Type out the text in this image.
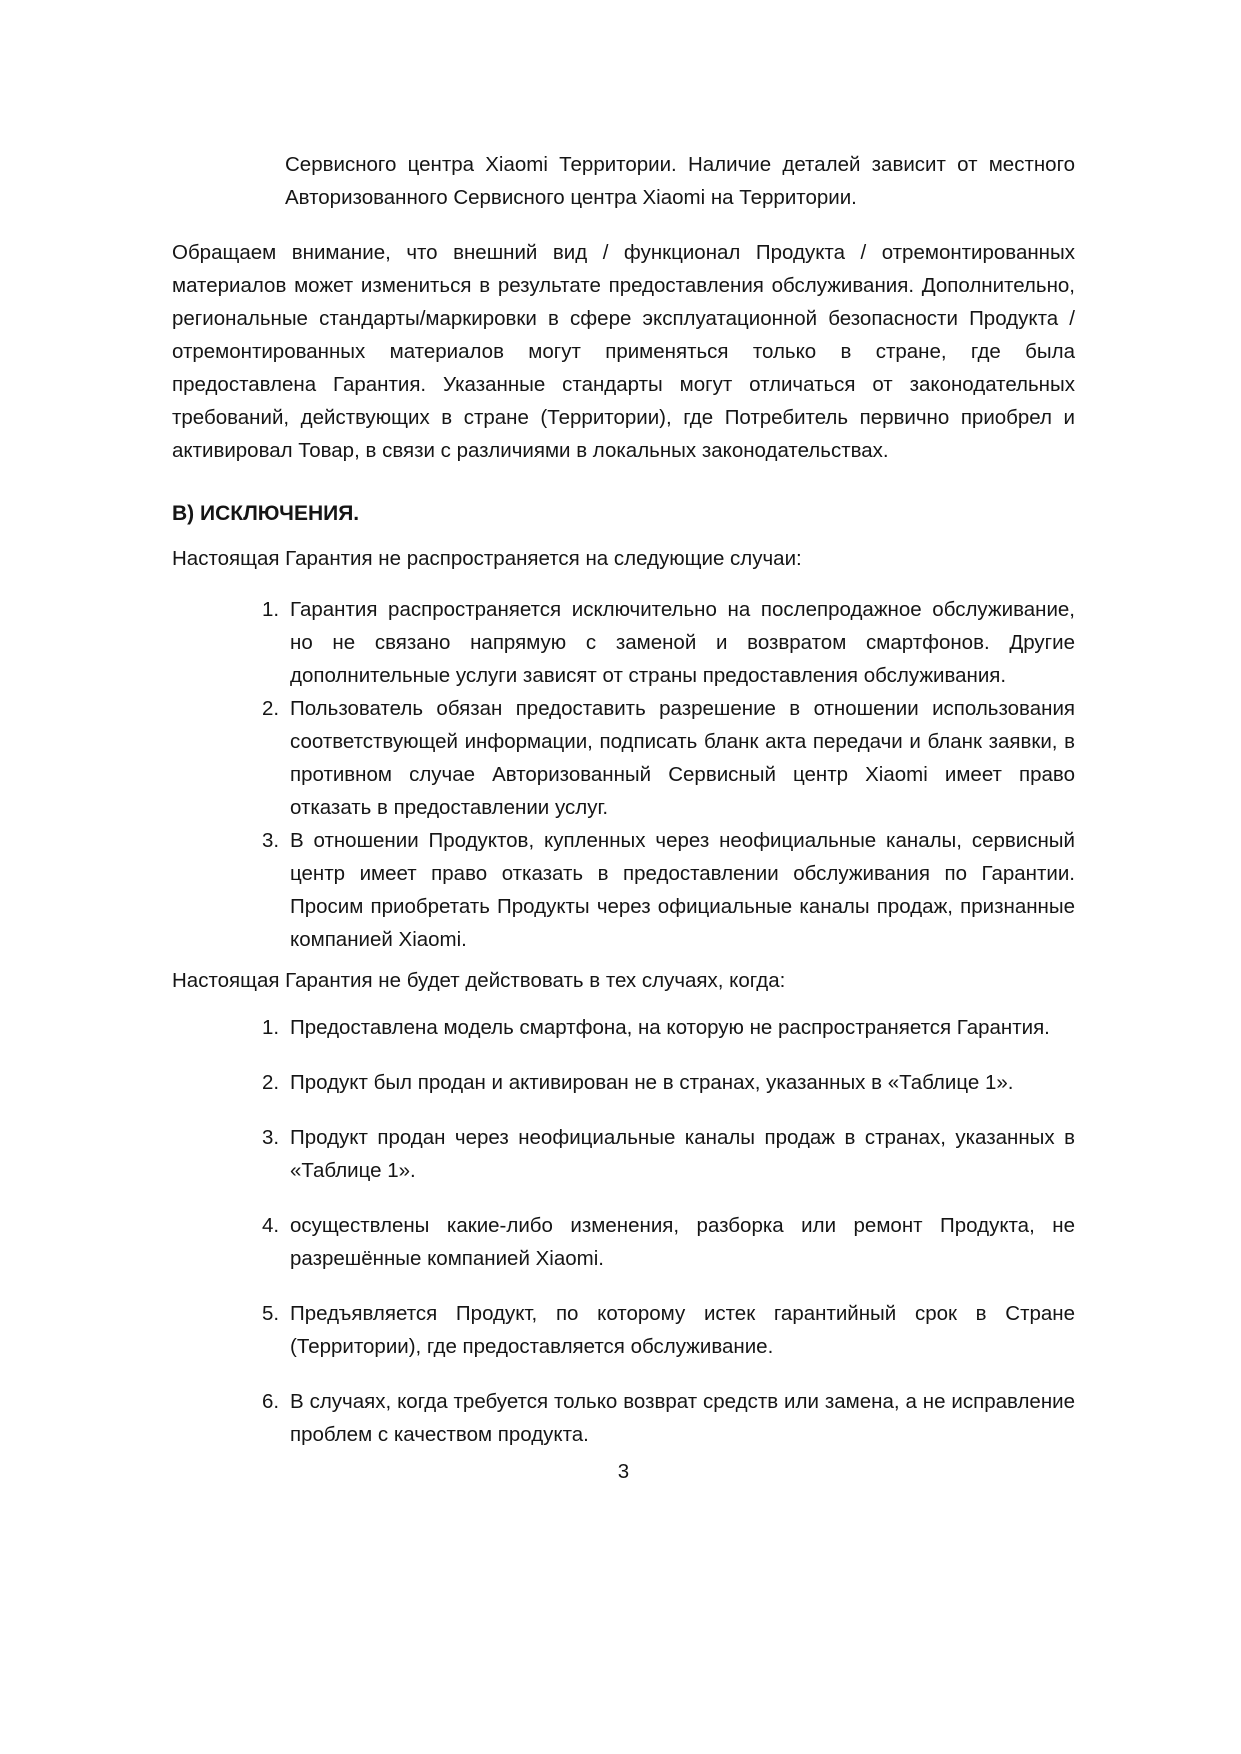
Сервисного центра Xiaomi Территории. Наличие деталей зависит от местного Авторизованного Сервисного центра Xiaomi на Территории.

Обращаем внимание, что внешний вид / функционал Продукта / отремонтированных материалов может измениться в результате предоставления обслуживания. Дополнительно, региональные стандарты/маркировки в сфере эксплуатационной безопасности Продукта / отремонтированных материалов могут применяться только в стране, где была предоставлена Гарантия. Указанные стандарты могут отличаться от законодательных требований, действующих в стране (Территории), где Потребитель первично приобрел и активировал Товар, в связи с различиями в локальных законодательствах.

В) ИСКЛЮЧЕНИЯ.

Настоящая Гарантия не распространяется на следующие случаи:

Гарантия распространяется исключительно на послепродажное обслуживание, но не связано напрямую с заменой и возвратом смартфонов. Другие дополнительные услуги зависят от страны предоставления обслуживания.
Пользователь обязан предоставить разрешение в отношении использования соответствующей информации, подписать бланк акта передачи и бланк заявки, в противном случае Авторизованный Сервисный центр Xiaomi имеет право отказать в предоставлении услуг.
В отношении Продуктов, купленных через неофициальные каналы, сервисный центр имеет право отказать в предоставлении обслуживания по Гарантии. Просим приобретать Продукты через официальные каналы продаж, признанные компанией Xiaomi.

Настоящая Гарантия не будет действовать в тех случаях, когда:

Предоставлена модель смартфона, на которую не распространяется Гарантия.
Продукт был продан и активирован не в странах, указанных в «Таблице 1».
Продукт продан через неофициальные каналы продаж в странах, указанных в «Таблице 1».
осуществлены какие-либо изменения, разборка или ремонт Продукта, не разрешённые компанией Xiaomi.
Предъявляется Продукт, по которому истек гарантийный срок в Стране (Территории), где предоставляется обслуживание.
В случаях, когда требуется только возврат средств или замена, а не исправление проблем с качеством продукта.
3
